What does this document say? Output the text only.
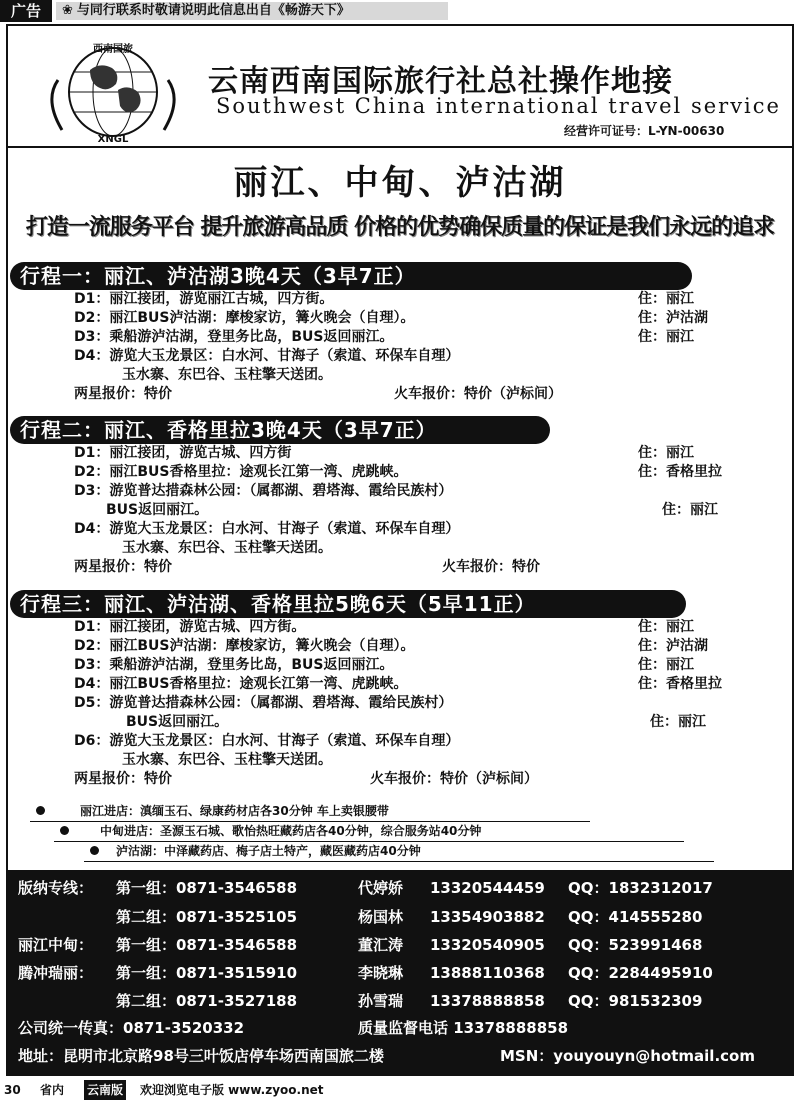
广告	❀ 与同行联系时敬请说明此信息出自《畅游天下》
西南国旅
XNGL
云南西南国际旅行社总社操作地接
Southwest China international travel service
经营许可证号：L-YN-00630
丽江、中甸、泸沽湖
打造一流服务平台 提升旅游高品质 价格的优势确保质量的保证是我们永远的追求
行程一：丽江、泸沽湖3晚4天（3早7正）
D1：丽江接团，游览丽江古城，四方街。	住：丽江
D2：丽江BUS泸沽湖：摩梭家访，篝火晚会（自理）。	住：泸沽湖
D3：乘船游泸沽湖，登里务比岛，BUS返回丽江。	住：丽江
D4：游览大玉龙景区：白水河、甘海子（索道、环保车自理）
玉水寨、东巴谷、玉柱擎天送团。
两星报价：特价	火车报价：特价（泸标间）
行程二：丽江、香格里拉3晚4天（3早7正）
D1：丽江接团，游览古城、四方街	住：丽江
D2：丽江BUS香格里拉：途观长江第一湾、虎跳峡。	住：香格里拉
D3：游览普达措森林公园：（属都湖、碧塔海、霞给民族村）
BUS返回丽江。	住：丽江
D4：游览大玉龙景区：白水河、甘海子（索道、环保车自理）
玉水寨、东巴谷、玉柱擎天送团。
两星报价：特价	火车报价：特价
行程三：丽江、泸沽湖、香格里拉5晚6天（5早11正）
D1：丽江接团，游览古城、四方街。	住：丽江
D2：丽江BUS泸沽湖：摩梭家访，篝火晚会（自理）。	住：泸沽湖
D3：乘船游泸沽湖，登里务比岛，BUS返回丽江。	住：丽江
D4：丽江BUS香格里拉：途观长江第一湾、虎跳峡。	住：香格里拉
D5：游览普达措森林公园：（属都湖、碧塔海、霞给民族村）
BUS返回丽江。	住：丽江
D6：游览大玉龙景区：白水河、甘海子（索道、环保车自理）
玉水寨、东巴谷、玉柱擎天送团。
两星报价：特价	火车报价：特价（泸标间）
丽江进店：滇缅玉石、绿康药材店各30分钟 车上卖银腰带
中甸进店：圣源玉石城、歌怡热旺藏药店各40分钟，综合服务站40分钟
泸沽湖：中泽藏药店、梅子店土特产，藏医藏药店40分钟
版纳专线： 第一组：0871-3546588	代婷娇 13320544459 QQ：1832312017
第二组：0871-3525105	杨国林 13354903882 QQ：414555280
丽江中甸： 第一组：0871-3546588	董汇涛 13320540905 QQ：523991468
腾冲瑞丽： 第一组：0871-3515910	李晓琳 13888110368 QQ：2284495910
第二组：0871-3527188	孙雪瑞 13378888858 QQ：981532309
公司统一传真：0871-3520332	质量监督电话 13378888858
地址：昆明市北京路98号三叶饭店停车场西南国旅二楼	MSN：youyouyn@hotmail.com
30 省内 云南版 欢迎浏览电子版 www.zyoo.net
